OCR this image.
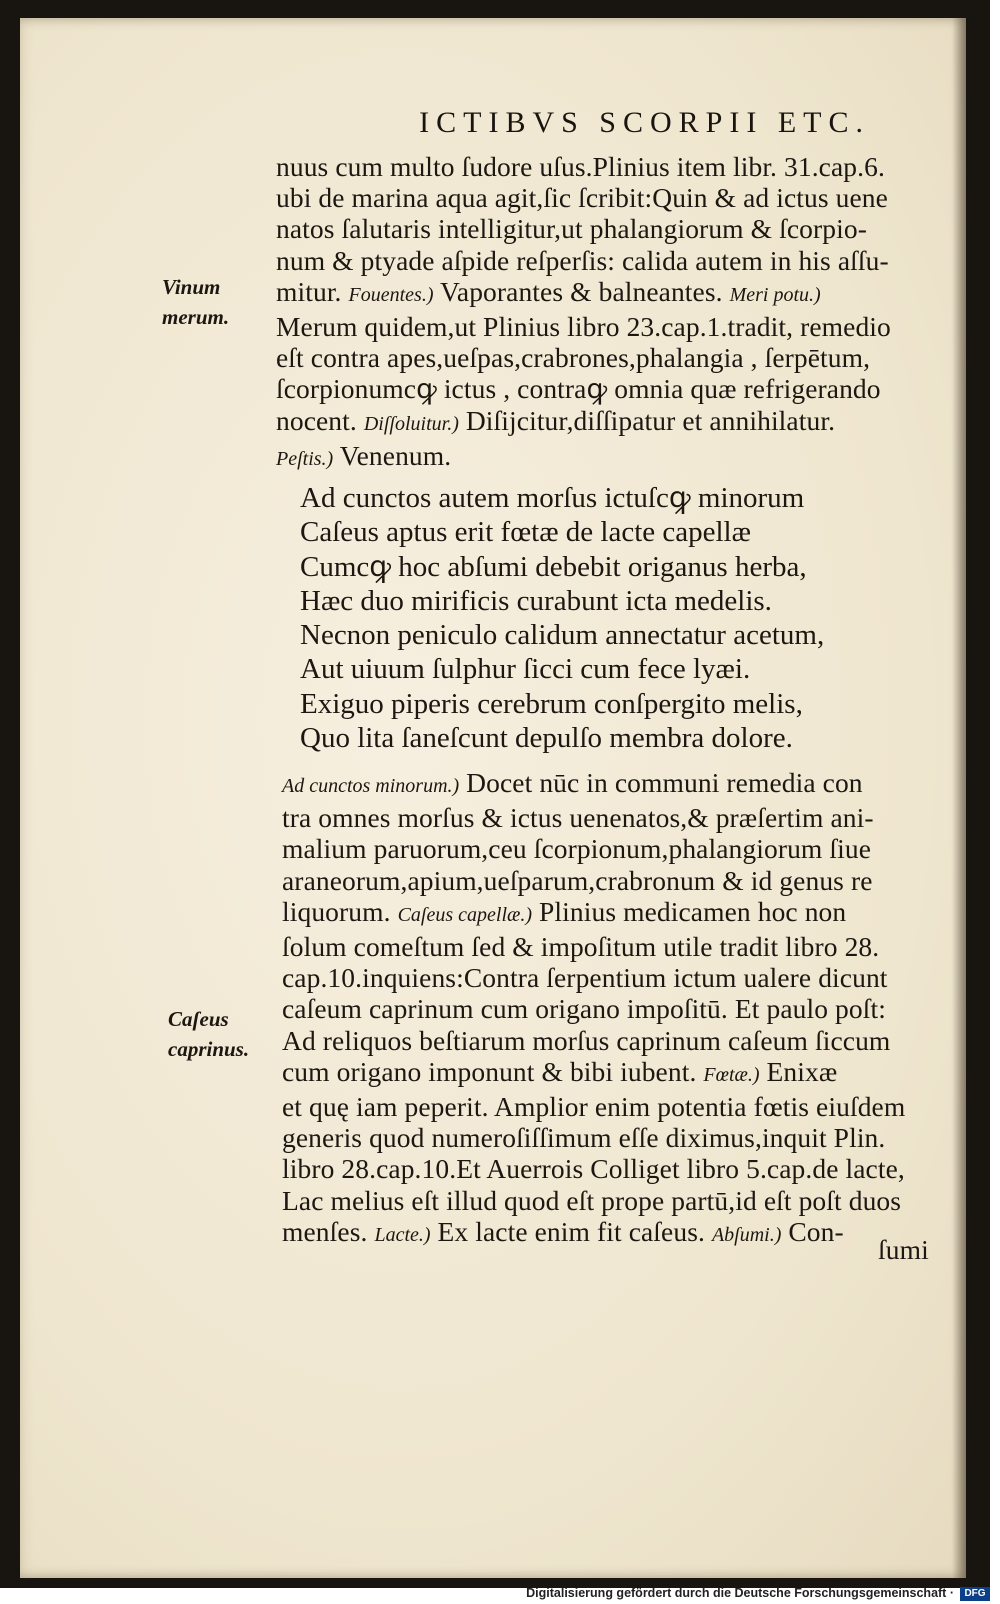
ICTIBVS SCORPII ETC.
Vinum
merum.
Caſeus
caprinus.
nuus cum multo ſudore uſus.Plinius item libr. 31.cap.6.
ubi de marina aqua agit,ſic ſcribit:Quin & ad ictus uene
natos ſalutaris intelligitur,ut phalangiorum & ſcorpio-
num & ptyade aſpide reſperſis: calida autem in his aſſu-
mitur. Fouentes.) Vaporantes & balneantes. Meri potu.)
Merum quidem,ut Plinius libro 23.cap.1.tradit, remedio
eſt contra apes,ueſpas,crabrones,phalangia , ſerpētum,
ſcorpionumcꝙ ictus , contraꝙ omnia quæ refrigerando
nocent. Diſſoluitur.) Diſijcitur,diſſipatur et annihilatur.
Peſtis.) Venenum.
Ad cunctos autem morſus ictuſcꝙ minorum
Caſeus aptus erit fœtæ de lacte capellæ
Cumcꝙ hoc abſumi debebit origanus herba,
Hæc duo mirificis curabunt icta medelis.
Necnon peniculo calidum annectatur acetum,
Aut uiuum ſulphur ſicci cum fece lyæi.
Exiguo piperis cerebrum conſpergito melis,
Quo lita ſaneſcunt depulſo membra dolore.
Ad cunctos minorum.) Docet nūc in communi remedia con
tra omnes morſus & ictus uenenatos,& præſertim ani-
malium paruorum,ceu ſcorpionum,phalangiorum ſiue
araneorum,apium,ueſparum,crabronum & id genus re
liquorum. Caſeus capellæ.) Plinius medicamen hoc non
ſolum comeſtum ſed & impoſitum utile tradit libro 28.
cap.10.inquiens:Contra ſerpentium ictum ualere dicunt
caſeum caprinum cum origano impoſitū. Et paulo poſt:
Ad reliquos beſtiarum morſus caprinum caſeum ſiccum
cum origano imponunt & bibi iubent. Fœtæ.) Enixæ
et quę iam peperit. Amplior enim potentia fœtis eiuſdem
generis quod numeroſiſſimum eſſe diximus,inquit Plin.
libro 28.cap.10.Et Auerrois Colliget libro 5.cap.de lacte,
Lac melius eſt illud quod eſt prope partū,id eſt poſt duos
menſes. Lacte.) Ex lacte enim fit caſeus. Abſumi.) Con-
ſumi
Digitalisierung gefördert durch die Deutsche Forschungsgemeinschaft ·	DFG
